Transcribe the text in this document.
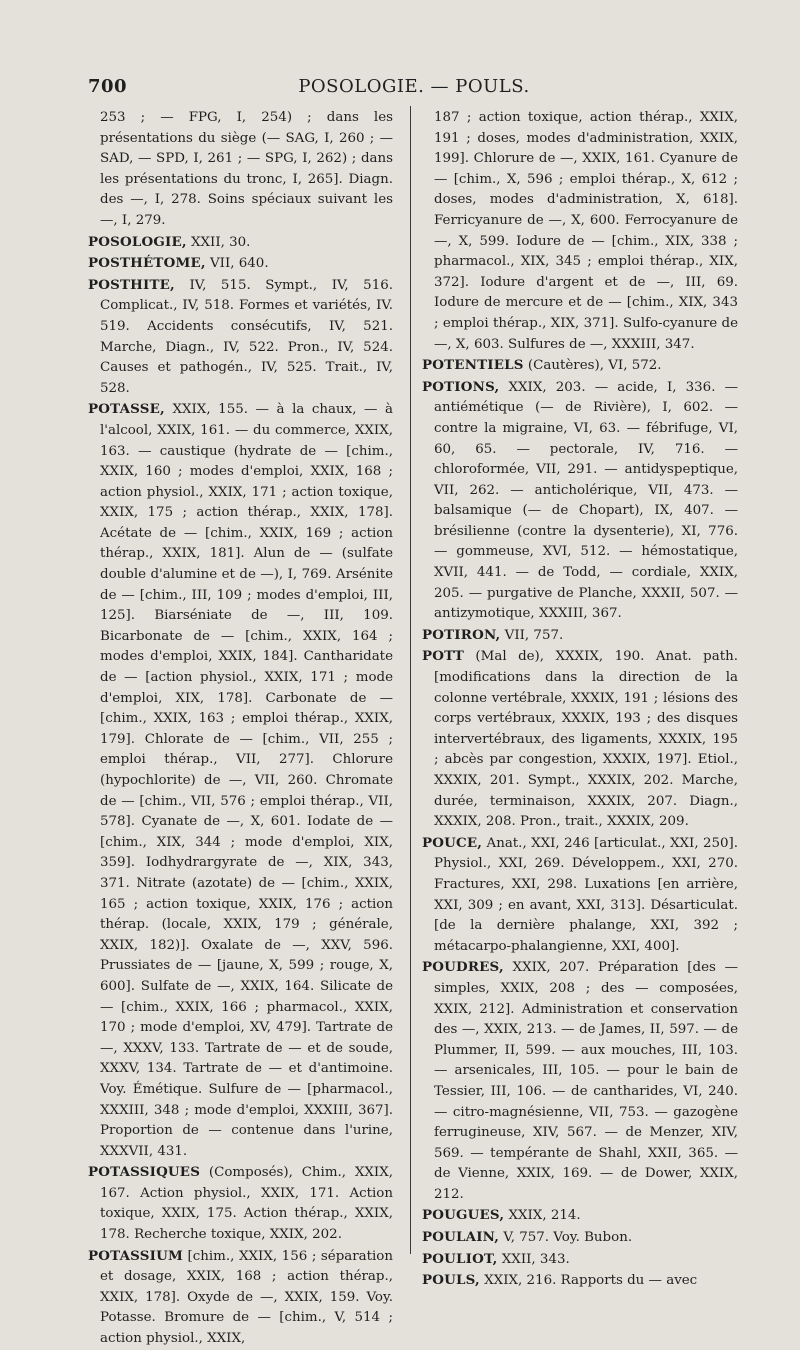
700	POSOLOGIE. — POULS.

253 ; — FPG, I, 254) ; dans les présentations du siège (— SAG, I, 260 ; — SAD, — SPD, I, 261 ; — SPG, I, 262) ; dans les présentations du tronc, I, 265]. Diagn. des —, I, 278. Soins spéciaux suivant les —, I, 279.

POSOLOGIE, XXII, 30.

POSTHÉTOME, VII, 640.

POSTHITE, IV, 515. Sympt., IV, 516. Complicat., IV, 518. Formes et variétés, IV. 519. Accidents consécutifs, IV, 521. Marche, Diagn., IV, 522. Pron., IV, 524. Causes et pathogén., IV, 525. Trait., IV, 528.

POTASSE, XXIX, 155. — à la chaux, — à l'alcool, XXIX, 161. — du commerce, XXIX, 163. — caustique (hydrate de — [chim., XXIX, 160 ; modes d'emploi, XXIX, 168 ; action physiol., XXIX, 171 ; action toxique, XXIX, 175 ; action thérap., XXIX, 178]. Acétate de — [chim., XXIX, 169 ; action thérap., XXIX, 181]. Alun de — (sulfate double d'alumine et de —), I, 769. Arsénite de — [chim., III, 109 ; modes d'emploi, III, 125]. Biarséniate de —, III, 109. Bicarbonate de — [chim., XXIX, 164 ; modes d'emploi, XXIX, 184]. Cantharidate de — [action physiol., XXIX, 171 ; mode d'emploi, XIX, 178]. Carbonate de — [chim., XXIX, 163 ; emploi thérap., XXIX, 179]. Chlorate de — [chim., VII, 255 ; emploi thérap., VII, 277]. Chlorure (hypochlorite) de —, VII, 260. Chromate de — [chim., VII, 576 ; emploi thérap., VII, 578]. Cyanate de —, X, 601. Iodate de — [chim., XIX, 344 ; mode d'emploi, XIX, 359]. Iodhydrargyrate de —, XIX, 343, 371. Nitrate (azotate) de — [chim., XXIX, 165 ; action toxique, XXIX, 176 ; action thérap. (locale, XXIX, 179 ; générale, XXIX, 182)]. Oxalate de —, XXV, 596. Prussiates de — [jaune, X, 599 ; rouge, X, 600]. Sulfate de —, XXIX, 164. Silicate de — [chim., XXIX, 166 ; pharmacol., XXIX, 170 ; mode d'emploi, XV, 479]. Tartrate de —, XXXV, 133. Tartrate de — et de soude, XXXV, 134. Tartrate de — et d'antimoine. Voy. Émétique. Sulfure de — [pharmacol., XXXIII, 348 ; mode d'emploi, XXXIII, 367]. Proportion de — contenue dans l'urine, XXXVII, 431.

POTASSIQUES (Composés), Chim., XXIX, 167. Action physiol., XXIX, 171. Action toxique, XXIX, 175. Action thérap., XXIX, 178. Recherche toxique, XXIX, 202.

POTASSIUM [chim., XXIX, 156 ; séparation et dosage, XXIX, 168 ; action thérap., XXIX, 178]. Oxyde de —, XXIX, 159. Voy. Potasse. Bromure de — [chim., V, 514 ; action physiol., XXIX,

187 ; action toxique, action thérap., XXIX, 191 ; doses, modes d'administration, XXIX, 199]. Chlorure de —, XXIX, 161. Cyanure de — [chim., X, 596 ; emploi thérap., X, 612 ; doses, modes d'administration, X, 618]. Ferricyanure de —, X, 600. Ferrocyanure de —, X, 599. Iodure de — [chim., XIX, 338 ; pharmacol., XIX, 345 ; emploi thérap., XIX, 372]. Iodure d'argent et de —, III, 69. Iodure de mercure et de — [chim., XIX, 343 ; emploi thérap., XIX, 371]. Sulfo-cyanure de —, X, 603. Sulfures de —, XXXIII, 347.

POTENTIELS (Cautères), VI, 572.

POTIONS, XXIX, 203. — acide, I, 336. — antiémétique (— de Rivière), I, 602. — contre la migraine, VI, 63. — fébrifuge, VI, 60, 65. — pectorale, IV, 716. — chloroformée, VII, 291. — antidyspeptique, VII, 262. — anticholérique, VII, 473. — balsamique (— de Chopart), IX, 407. — brésilienne (contre la dysenterie), XI, 776. — gommeuse, XVI, 512. — hémostatique, XVII, 441. — de Todd, — cordiale, XXIX, 205. — purgative de Planche, XXXII, 507. — antizymotique, XXXIII, 367.

POTIRON, VII, 757.

POTT (Mal de), XXXIX, 190. Anat. path. [modifications dans la direction de la colonne vertébrale, XXXIX, 191 ; lésions des corps vertébraux, XXXIX, 193 ; des disques intervertébraux, des ligaments, XXXIX, 195 ; abcès par congestion, XXXIX, 197]. Etiol., XXXIX, 201. Sympt., XXXIX, 202. Marche, durée, terminaison, XXXIX, 207. Diagn., XXXIX, 208. Pron., trait., XXXIX, 209.

POUCE, Anat., XXI, 246 [articulat., XXI, 250]. Physiol., XXI, 269. Développem., XXI, 270. Fractures, XXI, 298. Luxations [en arrière, XXI, 309 ; en avant, XXI, 313]. Désarticulat. [de la dernière phalange, XXI, 392 ; métacarpo-phalangienne, XXI, 400].

POUDRES, XXIX, 207. Préparation [des — simples, XXIX, 208 ; des — composées, XXIX, 212]. Administration et conservation des —, XXIX, 213. — de James, II, 597. — de Plummer, II, 599. — aux mouches, III, 103. — arsenicales, III, 105. — pour le bain de Tessier, III, 106. — de cantharides, VI, 240. — citro-magnésienne, VII, 753. — gazogène ferrugineuse, XIV, 567. — de Menzer, XIV, 569. — tempérante de Shahl, XXII, 365. — de Vienne, XXIX, 169. — de Dower, XXIX, 212.

POUGUES, XXIX, 214.

POULAIN, V, 757. Voy. Bubon.

POULIOT, XXII, 343.

POULS, XXIX, 216. Rapports du — avec
